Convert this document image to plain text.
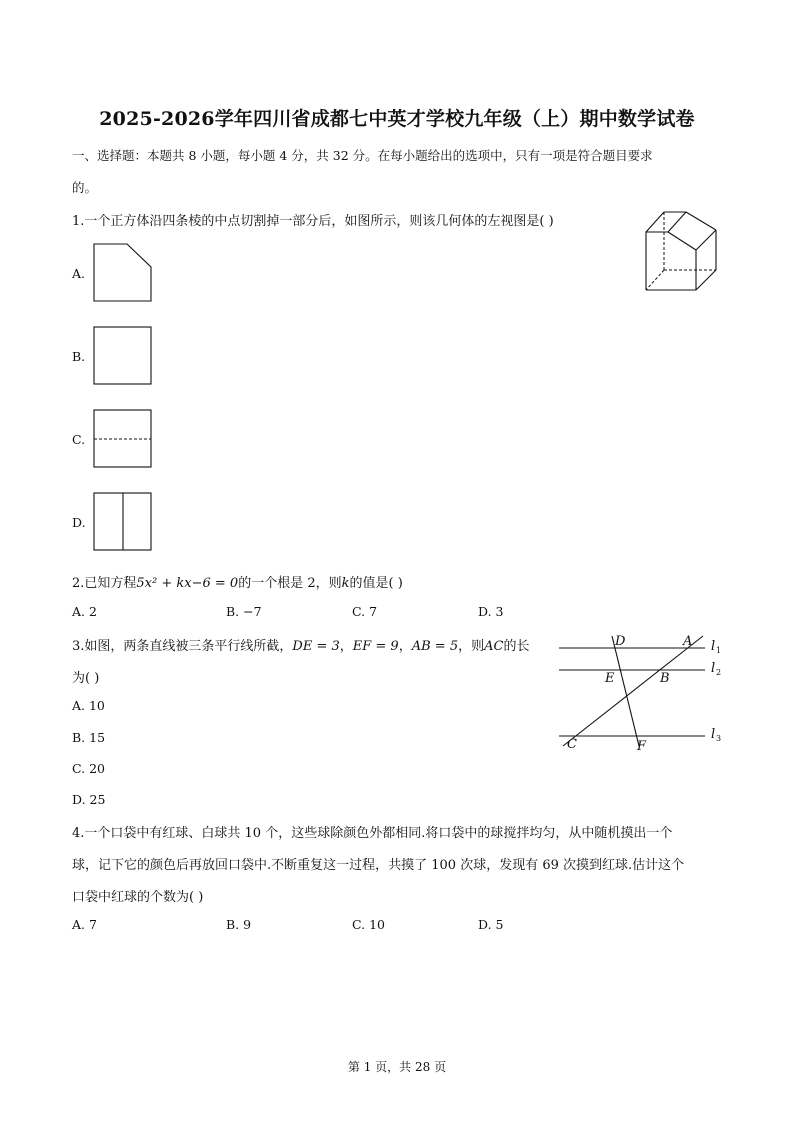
2025-2026学年四川省成都七中英才学校九年级（上）期中数学试卷
一、选择题：本题共 8 小题，每小题 4 分，共 32 分。在每小题给出的选项中，只有一项是符合题目要求
的。
1.一个正方体沿四条棱的中点切割掉一部分后，如图所示，则该几何体的左视图是( )
A.
B.
C.
D.
2.已知方程5x² + kx−6 = 0的一个根是 2，则k的值是( )
A. 2	B. −7	C. 7	D. 3
3.如图，两条直线被三条平行线所截，DE = 3，EF = 9，AB = 5，则AC的长
为( )
A. 10
B. 15
C. 20
D. 25
D	A
E	B
C	F
l 1
l 2
l 3
4.一个口袋中有红球、白球共 10 个，这些球除颜色外都相同.将口袋中的球搅拌均匀，从中随机摸出一个
球，记下它的颜色后再放回口袋中.不断重复这一过程，共摸了 100 次球，发现有 69 次摸到红球.估计这个
口袋中红球的个数为( )
A. 7	B. 9	C. 10	D. 5
第 1 页，共 28 页
